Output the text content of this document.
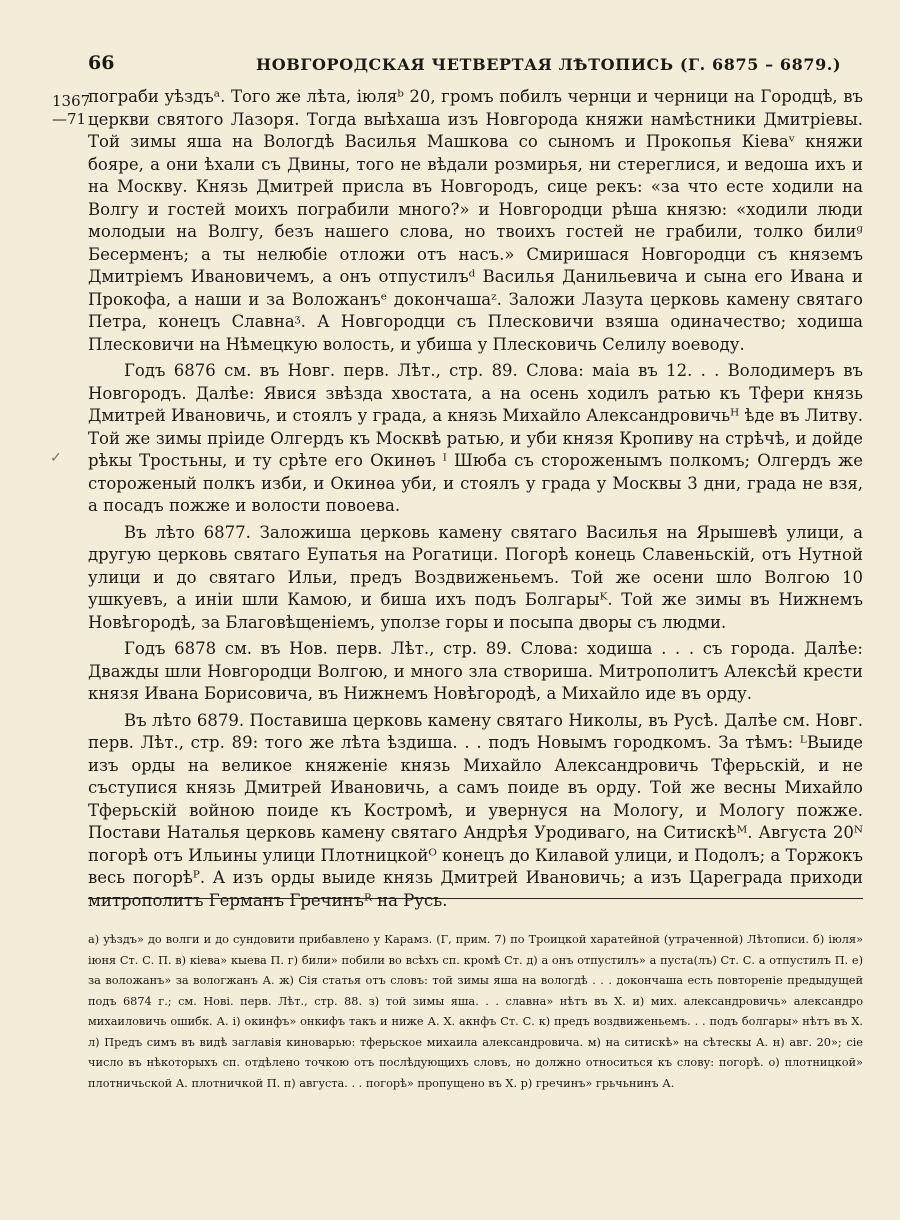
66	НОВГОРОДСКАЯ ЧЕТВЕРТАЯ ЛѢТОПИСЬ (Г. 6875 – 6879.)
1367
—71
✓

пограби уѣздъᵃ. Того же лѣта, іюляᵇ 20, громъ побилъ чернци и черници на Городцѣ, въ церкви святого Лазоря. Тогда выѣхаша изъ Новгорода княжи намѣстники Дмитріевы. Той зимы яша на Вологдѣ Василья Машкова со сыномъ и Прокопья Кіеваᵛ княжи бояре, а они ѣхали съ Двины, того не вѣдали розмирья, ни стереглися, и ведоша ихъ и на Москву. Князь Дмитрей присла въ Новгородъ, сице рекъ: «за что есте ходили на Волгу и гостей моихъ пограбили много?» и Новгородци рѣша князю: «ходили люди молодыи на Волгу, безъ нашего слова, но твоихъ гостей не грабили, толко билиᶢ Бесерменъ; а ты нелюбіе отложи отъ насъ.» Смиришася Новгородци съ княземъ Дмитріемъ Ивановичемъ, а онъ отпустилъᵈ Василья Данильевича и сына его Ивана и Прокофа, а наши и за Воложанъᵉ докончашаᶻ. Заложи Лазута церковь камену святаго Петра, конецъ Славнаᶾ. А Новгородци съ Плесковичи взяша одиначество; ходиша Плесковичи на Нѣмецкую волость, и убиша у Плесковичь Селилу воеводу.

Годъ 6876 см. въ Новг. перв. Лѣт., стр. 89. Слова: маіа въ 12. . . Володимеръ въ Новгородъ. Далѣе: Явися звѣзда хвостата, а на осень ходилъ ратью къ Тфери князь Дмитрей Ивановичь, и стоялъ у града, а князь Михайло Александровичьᴴ ѣде въ Литву. Той же зимы пріиде Олгердъ къ Москвѣ ратью, и уби князя Кропиву на стрѣчѣ, и дойде рѣкы Тростьны, и ту срѣте его Окинѳъ ᴵ Шюба съ стороженымъ полкомъ; Олгердъ же стороженый полкъ изби, и Окинѳа уби, и стоялъ у града у Москвы 3 дни, града не взя, а посадъ пожже и волости повоева.

Въ лѣто 6877. Заложиша церковь камену святаго Василья на Ярышевѣ улици, а другую церковь святаго Еупатья на Рогатици. Погорѣ конець Славеньскій, отъ Нутной улици и до святаго Ильи, предъ Воздвиженьемъ. Той же осени шло Волгою 10 ушкуевъ, а иніи шли Камою, и биша ихъ подъ Болгарыᴷ. Той же зимы въ Нижнемъ Новѣгородѣ, за Благовѣщеніемъ, уползе горы и посыпа дворы съ людми.

Годъ 6878 см. въ Нов. перв. Лѣт., стр. 89. Слова: ходиша . . . съ города. Далѣе: Дважды шли Новгородци Волгою, и много зла створиша. Митрополитъ Алексѣй крести князя Ивана Борисовича, въ Нижнемъ Новѣгородѣ, а Михайло иде въ орду.

Въ лѣто 6879. Поставиша церковь камену святаго Николы, въ Русѣ. Далѣе см. Новг. перв. Лѣт., стр. 89: того же лѣта ѣздиша. . . подъ Новымъ городкомъ. За тѣмъ: ᴸВыиде изъ орды на великое княженіе князь Михайло Александровичь Тферьскій, и не съступися князь Дмитрей Ивановичь, а самъ поиде въ орду. Той же весны Михайло Тферьскій войною поиде къ Костромѣ, и увернуся на Мологу, и Мологу пожже. Постави Наталья церковь камену святаго Андрѣя Уродиваго, на Ситискѣᴹ. Августа 20ᴺ погорѣ отъ Ильины улици Плотницкойᴼ конецъ до Килавой улици, и Подолъ; а Торжокъ весь погорѣᴾ. А изъ орды выиде князь Дмитрей Ивановичь; а изъ Цареграда приходи митрополитъ Германъ Гречинъᴿ на Русь.

а) уѣздъ» до волги и до сундовити прибавлено у Карамз. (Г, прим. 7) по Троицкой харатейной (утраченной) Лѣтописи. б) іюля» іюня Ст. С. П. в) кіева» кыева П. г) били» побили во всѣхъ сп. кромѣ Ст. д) а онъ отпустилъ» а пуста(лъ) Ст. С. а отпустилъ П. е) за воложанъ» за вологжанъ А. ж) Сія статья отъ словъ: той зимы яша на вологдѣ . . . докончаша есть повтореніе предыдущей подъ 6874 г.; см. Нові. перв. Лѣт., стр. 88. з) той зимы яша. . . славна» нѣтъ въ Х. и) мих. александровичь» александро михаиловичь ошибк. А. і) окинфъ» онкифъ такъ и ниже А. Х. акнфъ Ст. С. к) предъ воздвиженьемъ. . . подъ болгары» нѣтъ въ Х. л) Предъ симъ въ видѣ заглавія киноварью: тферьское михаила александровича. м) на ситискѣ» на сѣтескы А. н) авг. 20»; сіе число въ нѣкоторыхъ сп. отдѣлено точкою отъ послѣдующихъ словъ, но должно относиться къ слову: погорѣ. о) плотницкой» плотничьской А. плотничкой П. п) августа. . . погорѣ» пропущено въ Х. р) гречинъ» грьчьнинъ А.
